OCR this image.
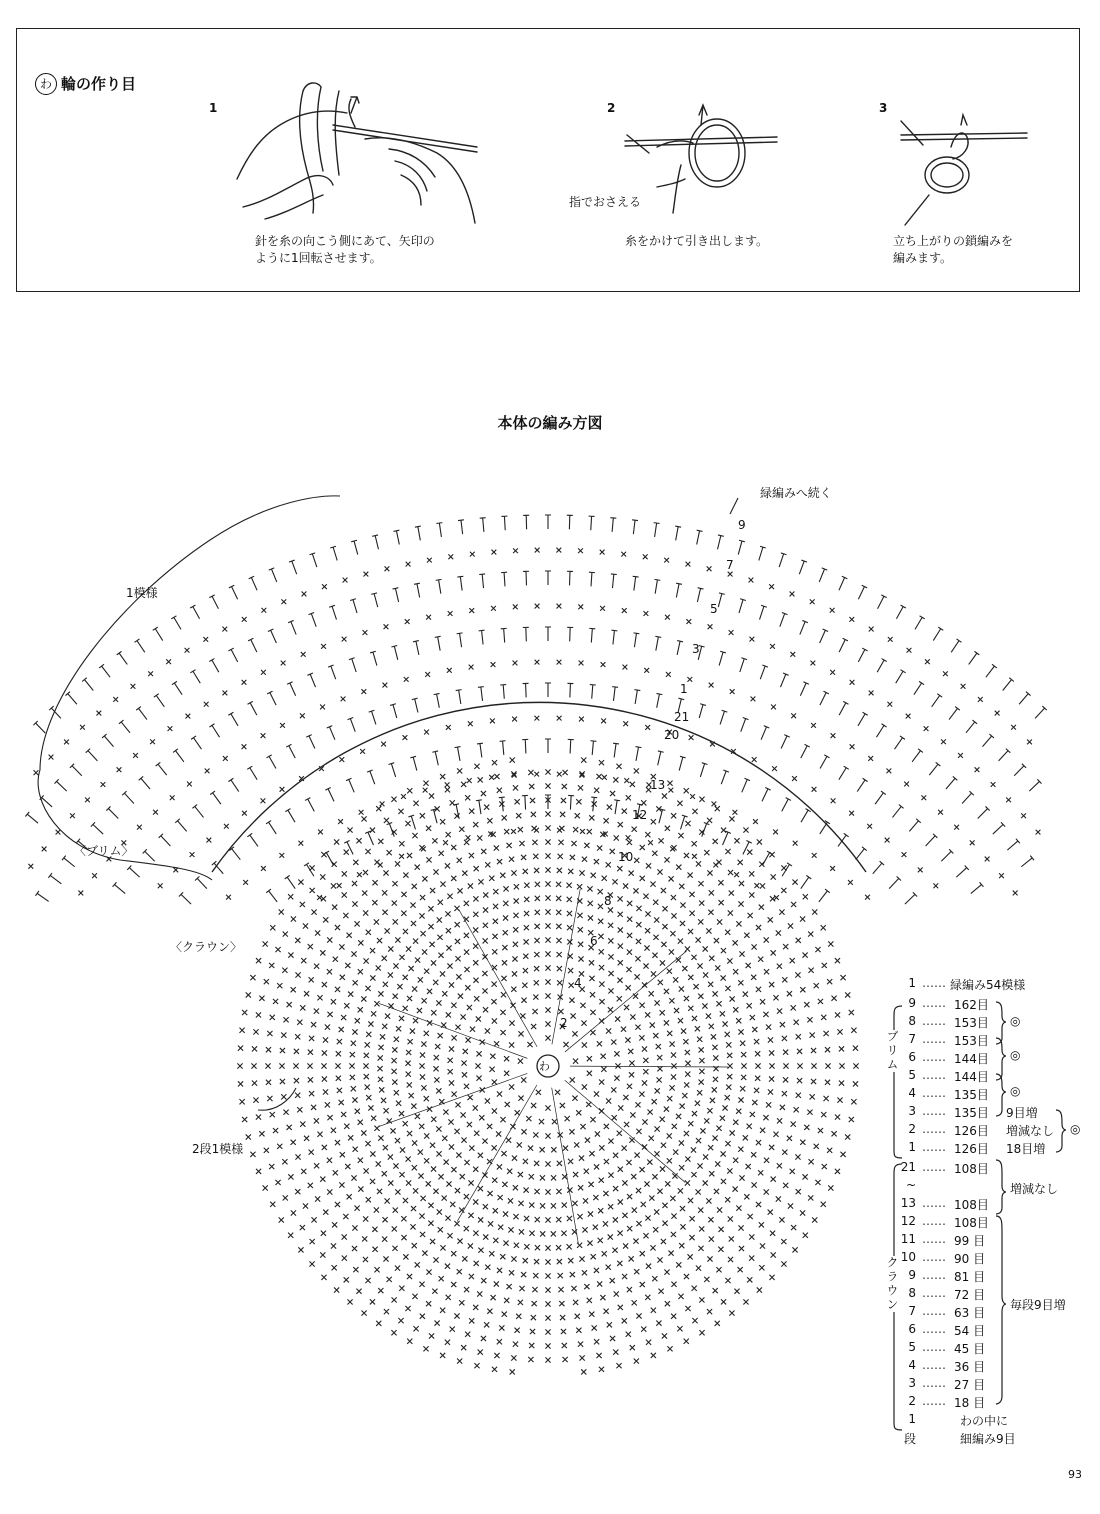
わ 輪の作り目
1	2	3
針を糸の向こう側にあて、矢印の
ように1回転させます。
指でおさえる
糸をかけて引き出します。	立ち上がりの鎖編みを
編みます。
本体の編み方図
緑編みへ続く
1模様
〈ブリム〉
〈クラウン〉
2段1模様
9
7
5
3
1
21
20
13
12
10
8
6
4
2
わ
1 …… 緑編み54模様
9 …… 162目
8 …… 153目
7 …… 153目
6 …… 144目
5 …… 144目
4 …… 135目
3 …… 135目
2 …… 126目
1 …… 126目
21 …… 108目
~
13 …… 108目
12 …… 108目
11 …… 99 目
10 …… 90 目
9 …… 81 目
8 …… 72 目
7 …… 63 目
6 …… 54 目
5 …… 45 目
4 …… 36 目
3 …… 27 目
2 …… 18 目
1	わの中に
段	細編み9目
◎
◎
◎
◎
9目増
増減なし
18目増
増減なし
毎段9目増
ブリム
クラウン
93
